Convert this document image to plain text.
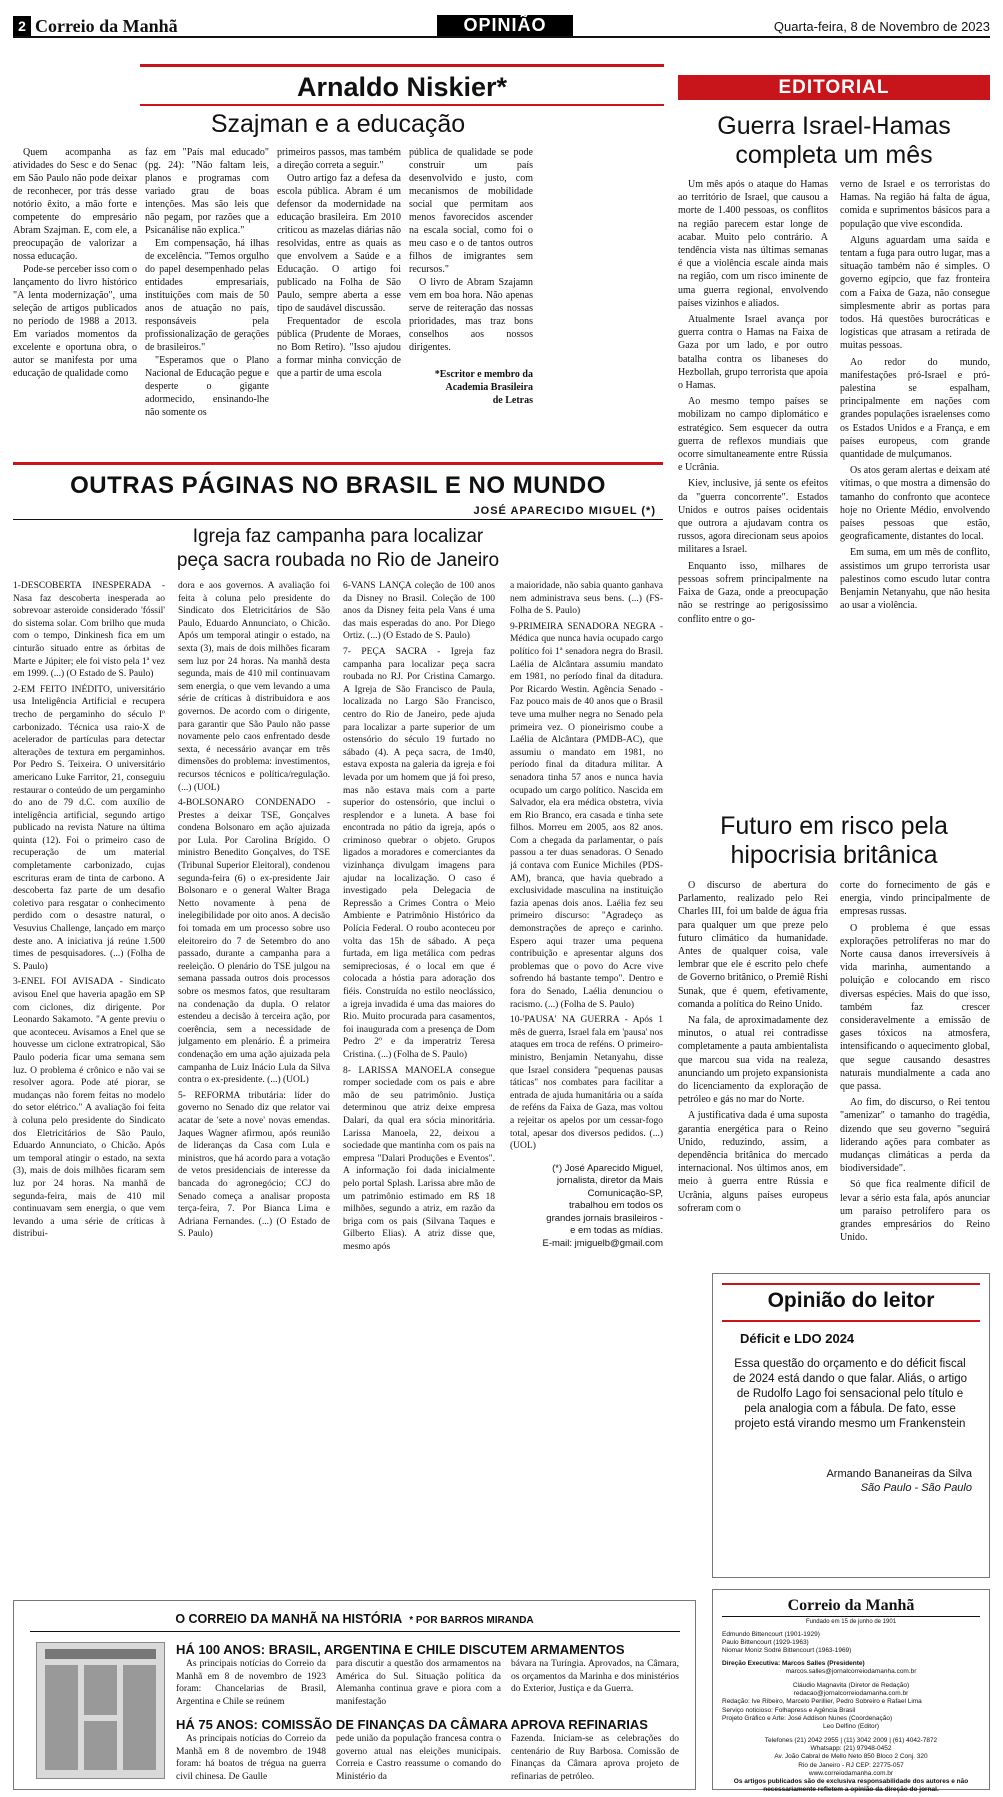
2 Correio da Manhã	OPINIÃO	Quarta-feira, 8 de Novembro de 2023
Arnaldo Niskier*
Szajman e a educação

Quem acompanha as atividades do Sesc e do Senac em São Paulo não pode deixar de reconhecer, por trás desse notório êxito, a mão forte e competente do empresário Abram Szajman. E, com ele, a preocupação de valorizar a nossa educação.

Pode-se perceber isso com o lançamento do livro histórico "A lenta modernização", uma seleção de artigos publicados no período de 1988 a 2013. Em variados momentos da excelente e oportuna obra, o autor se manifesta por uma educação de qualidade como

faz em "País mal educado" (pg. 24): "Não faltam leis, planos e programas com variado grau de boas intenções. Mas são leis que não pegam, por razões que a Psicanálise não explica."

Em compensação, há ilhas de excelência. "Temos orgulho do papel desempenhado pelas entidades empresariais, instituições com mais de 50 anos de atuação no país, responsáveis pela profissionalização de gerações de brasileiros."

"Esperamos que o Plano Nacional de Educação pegue e desperte o gigante adormecido, ensinando-lhe não somente os

primeiros passos, mas também a direção correta a seguir."

Outro artigo faz a defesa da escola pública. Abram é um defensor da modernidade na educação brasileira. Em 2010 criticou as mazelas diárias não resolvidas, entre as quais as que envolvem a Saúde e a Educação. O artigo foi publicado na Folha de São Paulo, sempre aberta a esse tipo de saudável discussão.

Frequentador de escola pública (Prudente de Moraes, no Bom Retiro). "Isso ajudou a formar minha convicção de que a partir de uma escola

pública de qualidade se pode construir um país desenvolvido e justo, com mecanismos de mobilidade social que permitam aos menos favorecidos ascender na escala social, como foi o meu caso e o de tantos outros filhos de imigrantes sem recursos."

O livro de Abram Szajamn vem em boa hora. Não apenas serve de reiteração das nossas prioridades, mas traz bons conselhos aos nossos dirigentes.

*Escritor e membro da
Academia Brasileira
de Letras
OUTRAS PÁGINAS NO BRASIL E NO MUNDO
JOSÉ APARECIDO MIGUEL (*)
Igreja faz campanha para localizar
peça sacra roubada no Rio de Janeiro

1-DESCOBERTA INESPERADA - Nasa faz descoberta inesperada ao sobrevoar asteroide considerado 'fóssil' do sistema solar. Com brilho que muda com o tempo, Dinkinesh fica em um cinturão situado entre as órbitas de Marte e Júpiter; ele foi visto pela 1ª vez em 1999. (...) (O Estado de S. Paulo)

2-EM FEITO INÉDITO, universitário usa Inteligência Artificial e recupera trecho de pergaminho do século Iº carbonizado. Técnica usa raio-X de acelerador de partículas para detectar alterações de textura em pergaminhos. Por Pedro S. Teixeira. O universitário americano Luke Farritor, 21, conseguiu restaurar o conteúdo de um pergaminho do ano de 79 d.C. com auxílio de inteligência artificial, segundo artigo publicado na revista Nature na última quinta (12). Foi o primeiro caso de recuperação de um material completamente carbonizado, cujas escrituras eram de tinta de carbono. A descoberta faz parte de um desafio coletivo para resgatar o conhecimento perdido com o desastre natural, o Vesuvius Challenge, lançado em março deste ano. A iniciativa já reúne 1.500 times de pesquisadores. (...) (Folha de S. Paulo)

3-ENEL FOI AVISADA - Sindicato avisou Enel que haveria apagão em SP com ciclones, diz dirigente. Por Leonardo Sakamoto. "A gente previu o que aconteceu. Avisamos a Enel que se houvesse um ciclone extratropical, São Paulo poderia ficar uma semana sem luz. O problema é crônico e não vai se resolver agora. Pode até piorar, se mudanças não forem feitas no modelo do setor elétrico." A avaliação foi feita à coluna pelo presidente do Sindicato dos Eletricitários de São Paulo, Eduardo Annunciato, o Chicão. Após um temporal atingir o estado, na sexta (3), mais de dois milhões ficaram sem luz por 24 horas. Na manhã de segunda-feira, mais de 410 mil continuavam sem energia, o que vem levando a uma série de críticas à distribui-

dora e aos governos. A avaliação foi feita à coluna pelo presidente do Sindicato dos Eletricitários de São Paulo, Eduardo Annunciato, o Chicão. Após um temporal atingir o estado, na sexta (3), mais de dois milhões ficaram sem luz por 24 horas. Na manhã desta segunda, mais de 410 mil continuavam sem energia, o que vem levando a uma série de críticas à distribuidora e aos governos. De acordo com o dirigente, para garantir que São Paulo não passe novamente pelo caos enfrentado desde sexta, é necessário avançar em três dimensões do problema: investimentos, recursos técnicos e política/regulação. (...) (UOL)

4-BOLSONARO CONDENADO - Prestes a deixar TSE, Gonçalves condena Bolsonaro em ação ajuizada por Lula. Por Carolina Brígido. O ministro Benedito Gonçalves, do TSE (Tribunal Superior Eleitoral), condenou segunda-feira (6) o ex-presidente Jair Bolsonaro e o general Walter Braga Netto novamente à pena de inelegibilidade por oito anos. A decisão foi tomada em um processo sobre uso eleitoreiro do 7 de Setembro do ano passado, durante a campanha para a reeleição. O plenário do TSE julgou na semana passada outros dois processos sobre os mesmos fatos, que resultaram na condenação da dupla. O relator estendeu a decisão à terceira ação, por coerência, sem a necessidade de julgamento em plenário. É a primeira condenação em uma ação ajuizada pela campanha de Luiz Inácio Lula da Silva contra o ex-presidente. (...) (UOL)

5- REFORMA tributária: líder do governo no Senado diz que relator vai acatar de 'sete a nove' novas emendas. Jaques Wagner afirmou, após reunião de lideranças da Casa com Lula e ministros, que há acordo para a votação de vetos presidenciais de interesse da bancada do agronegócio; CCJ do Senado começa a analisar proposta terça-feira, 7. Por Bianca Lima e Adriana Fernandes. (...) (O Estado de S. Paulo)

6-VANS LANÇA coleção de 100 anos da Disney no Brasil. Coleção de 100 anos da Disney feita pela Vans é uma das mais esperadas do ano. Por Diego Ortiz. (...) (O Estado de S. Paulo)

7- PEÇA SACRA - Igreja faz campanha para localizar peça sacra roubada no RJ. Por Cristina Camargo. A Igreja de São Francisco de Paula, localizada no Largo São Francisco, centro do Rio de Janeiro, pede ajuda para localizar a parte superior de um ostensório do século 19 furtado no sábado (4). A peça sacra, de 1m40, estava exposta na galeria da igreja e foi levada por um homem que já foi preso, mas não estava mais com a parte superior do ostensório, que inclui o resplendor e a luneta. A base foi encontrada no pátio da igreja, após o criminoso quebrar o objeto. Grupos ligados a moradores e comerciantes da vizinhança divulgam imagens para ajudar na localização. O caso é investigado pela Delegacia de Repressão a Crimes Contra o Meio Ambiente e Patrimônio Histórico da Polícia Federal. O roubo aconteceu por volta das 15h de sábado. A peça furtada, em liga metálica com pedras semipreciosas, é o local em que é colocada a hóstia para adoração dos fiéis. Construída no estilo neoclássico, a igreja invadida é uma das maiores do Rio. Muito procurada para casamentos, foi inaugurada com a presença de Dom Pedro 2º e da imperatriz Teresa Cristina. (...) (Folha de S. Paulo)

8- LARISSA MANOELA consegue romper sociedade com os pais e abre mão de seu patrimônio. Justiça determinou que atriz deixe empresa Dalari, da qual era sócia minoritária. Larissa Manoela, 22, deixou a sociedade que mantinha com os pais na empresa "Dalari Produções e Eventos". A informação foi dada inicialmente pelo portal Splash. Larissa abre mão de um patrimônio estimado em R$ 18 milhões, segundo a atriz, em razão da briga com os pais (Silvana Taques e Gilberto Elias). A atriz disse que, mesmo após

a maioridade, não sabia quanto ganhava nem administrava seus bens. (...) (FS-Folha de S. Paulo)

9-PRIMEIRA SENADORA NEGRA - Médica que nunca havia ocupado cargo político foi 1ª senadora negra do Brasil. Laélia de Alcântara assumiu mandato em 1981, no período final da ditadura. Por Ricardo Westin. Agência Senado - Faz pouco mais de 40 anos que o Brasil teve uma mulher negra no Senado pela primeira vez. O pioneirismo coube a Laélia de Alcântara (PMDB-AC), que assumiu o mandato em 1981, no período final da ditadura militar. A senadora tinha 57 anos e nunca havia ocupado um cargo político. Nascida em Salvador, ela era médica obstetra, vivia em Rio Branco, era casada e tinha sete filhos. Morreu em 2005, aos 82 anos. Com a chegada da parlamentar, o país passou a ter duas senadoras. O Senado já contava com Eunice Michiles (PDS-AM), branca, que havia quebrado a exclusividade masculina na instituição fazia apenas dois anos. Laélia fez seu primeiro discurso: "Agradeço as demonstrações de apreço e carinho. Espero aqui trazer uma pequena contribuição e apresentar alguns dos problemas que o povo do Acre vive sofrendo há bastante tempo". Dentro e fora do Senado, Laélia denunciou o racismo. (...) (Folha de S. Paulo)

10-'PAUSA' NA GUERRA - Após 1 mês de guerra, Israel fala em 'pausa' nos ataques em troca de reféns. O primeiro-ministro, Benjamin Netanyahu, disse que Israel considera "pequenas pausas táticas" nos combates para facilitar a entrada de ajuda humanitária ou a saída de reféns da Faixa de Gaza, mas voltou a rejeitar os apelos por um cessar-fogo total, apesar dos diversos pedidos. (...) (UOL)

(*) José Aparecido Miguel,
jornalista, diretor da Mais
Comunicação-SP,
trabalhou em todos os
grandes jornais brasileiros -
e em todas as mídias.
E-mail: jmiguelb@gmail.com
EDITORIAL
Guerra Israel-Hamas
completa um mês

Um mês após o ataque do Hamas ao território de Israel, que causou a morte de 1.400 pessoas, os conflitos na região parecem estar longe de acabar. Muito pelo contrário. A tendência vista nas últimas semanas é que a violência escale ainda mais na região, com um risco iminente de uma guerra regional, envolvendo países vizinhos e aliados.

Atualmente Israel avança por guerra contra o Hamas na Faixa de Gaza por um lado, e por outro batalha contra os libaneses do Hezbollah, grupo terrorista que apoia o Hamas.

Ao mesmo tempo países se mobilizam no campo diplomático e estratégico. Sem esquecer da outra guerra de reflexos mundiais que ocorre simultaneamente entre Rússia e Ucrânia.

Kiev, inclusive, já sente os efeitos da "guerra concorrente". Estados Unidos e outros países ocidentais que outrora a ajudavam contra os russos, agora direcionam seus apoios militares a Israel.

Enquanto isso, milhares de pessoas sofrem principalmente na Faixa de Gaza, onde a preocupação não se restringe ao perigosíssimo conflito entre o go-

verno de Israel e os terroristas do Hamas. Na região há falta de água, comida e suprimentos básicos para a população que vive escondida.

Alguns aguardam uma saída e tentam a fuga para outro lugar, mas a situação também não é simples. O governo egípcio, que faz fronteira com a Faixa de Gaza, não consegue simplesmente abrir as portas para todos. Há questões burocráticas e logísticas que atrasam a retirada de muitas pessoas.

Ao redor do mundo, manifestações pró-Israel e pró-palestina se espalham, principalmente em nações com grandes populações israelenses como os Estados Unidos e a França, e em países europeus, com grande quantidade de mulçumanos.

Os atos geram alertas e deixam até vítimas, o que mostra a dimensão do tamanho do confronto que acontece hoje no Oriente Médio, envolvendo países pessoas que estão, geograficamente, distantes do local.

Em suma, em um mês de conflito, assistimos um grupo terrorista usar palestinos como escudo lutar contra Benjamin Netanyahu, que não hesita ao usar a violência.

Futuro em risco pela
hipocrisia britânica

O discurso de abertura do Parlamento, realizado pelo Rei Charles III, foi um balde de água fria para qualquer um que preze pelo futuro climático da humanidade. Antes de qualquer coisa, vale lembrar que ele é escrito pelo chefe de Governo britânico, o Premiê Rishi Sunak, que é quem, efetivamente, comanda a política do Reino Unido.

Na fala, de aproximadamente dez minutos, o atual rei contradisse completamente a pauta ambientalista que marcou sua vida na realeza, anunciando um projeto expansionista do licenciamento da exploração de petróleo e gás no mar do Norte.

A justificativa dada é uma suposta garantia energética para o Reino Unido, reduzindo, assim, a dependência britânica do mercado internacional. Nos últimos anos, em meio à guerra entre Rússia e Ucrânia, alguns países europeus sofreram com o

corte do fornecimento de gás e energia, vindo principalmente de empresas russas.

O problema é que essas explorações petrolíferas no mar do Norte causa danos irreversíveis à vida marinha, aumentando a poluição e colocando em risco diversas espécies. Mais do que isso, também faz crescer consideravelmente a emissão de gases tóxicos na atmosfera, intensificando o aquecimento global, que segue causando desastres naturais mundialmente a cada ano que passa.

Ao fim, do discurso, o Rei tentou "amenizar" o tamanho do tragédia, dizendo que seu governo "seguirá liderando ações para combater as mudanças climáticas a perda da biodiversidade".

Só que fica realmente difícil de levar a sério esta fala, após anunciar um paraíso petrolífero para os grandes empresários do Reino Unido.

Opinião do leitor
Déficit e LDO 2024
Essa questão do orçamento e do déficit fiscal de 2024 está dando o que falar. Aliás, o artigo de Rudolfo Lago foi sensacional pelo título e pela analogia com a fábula. De fato, esse projeto está virando mesmo um Frankenstein
Armando Bananeiras da Silva
São Paulo - São Paulo
O CORREIO DA MANHÃ NA HISTÓRIA * POR BARROS MIRANDA
HÁ 100 ANOS: BRASIL, ARGENTINA E CHILE DISCUTEM ARMAMENTOS

As principais notícias do Correio da Manhã em 8 de novembro de 1923 foram: Chancelarias de Brasil, Argentina e Chile se reúnem

para discutir a questão dos armamentos na América do Sul. Situação política da Alemanha continua grave e piora com a manifestação

bávara na Turíngia. Aprovados, na Câmara, os orçamentos da Marinha e dos ministérios do Exterior, Justiça e da Guerra.

HÁ 75 ANOS: COMISSÃO DE FINANÇAS DA CÂMARA APROVA REFINARIAS

As principais notícias do Correio da Manhã em 8 de novembro de 1948 foram: há boatos de trégua na guerra civil chinesa. De Gaulle

pede união da população francesa contra o governo atual nas eleições municipais. Correia e Castro reassume o comando do Ministério da

Fazenda. Iniciam-se as celebrações do centenário de Ruy Barbosa. Comissão de Finanças da Câmara aprova projeto de refinarias de petróleo.

Correio da Manhã
Fundado em 15 de junho de 1901
Edmundo Bittencourt (1901-1929)
Paulo Bittencourt (1929-1963)
Niomar Moniz Sodré Bittencourt (1963-1969)
Direção Executiva: Marcos Salles (Presidente)
marcos.salles@jornalcorreiodamanha.com.br
Cláudio Magnavita (Diretor de Redação)
redacao@jornalcorreiodamanha.com.br
Redação: Ive Ribeiro, Marcelo Perillier, Pedro Sobreiro e Rafael Lima
Serviço noticioso: Folhapress e Agência Brasil
Projeto Gráfico e Arte: José Addison Nunes (Coordenação)
Leo Delfino (Editor)
Telefones (21) 2042 2955 | (11) 3042 2009 | (61) 4042-7872
Whatsapp: (21) 97948-0452
Av. João Cabral de Mello Neto 850 Bloco 2 Conj. 320
Rio de Janeiro - RJ CEP: 22775-057
www.correiodamanha.com.br
Os artigos publicados são de exclusiva responsabilidade dos autores e não
necessariamente refletem a opinião da direção do jornal.
